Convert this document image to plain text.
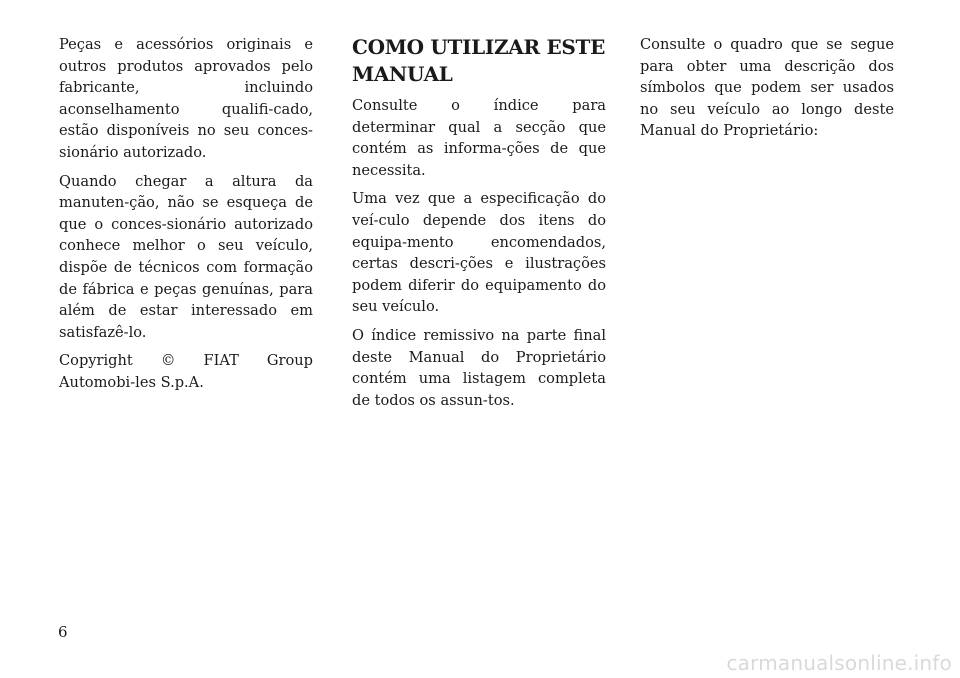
Peças e acessórios originais e outros produtos aprovados pelo fabricante, incluindo aconselhamento qualifi-cado, estão disponíveis no seu conces-sionário autorizado.

Quando chegar a altura da manuten-ção, não se esqueça de que o conces-sionário autorizado conhece melhor o seu veículo, dispõe de técnicos com formação de fábrica e peças genuínas, para além de estar interessado em satisfazê-lo.

Copyright © FIAT Group Automobi-les S.p.A.

COMO UTILIZAR ESTE MANUAL

Consulte o índice para determinar qual a secção que contém as informa-ções de que necessita.

Uma vez que a especificação do veí-culo depende dos itens do equipa-mento encomendados, certas descri-ções e ilustrações podem diferir do equipamento do seu veículo.

O índice remissivo na parte final deste Manual do Proprietário contém uma listagem completa de todos os assun-tos.

Consulte o quadro que se segue para obter uma descrição dos símbolos que podem ser usados no seu veículo ao longo deste Manual do Proprietário:

6
carmanualsonline.info
